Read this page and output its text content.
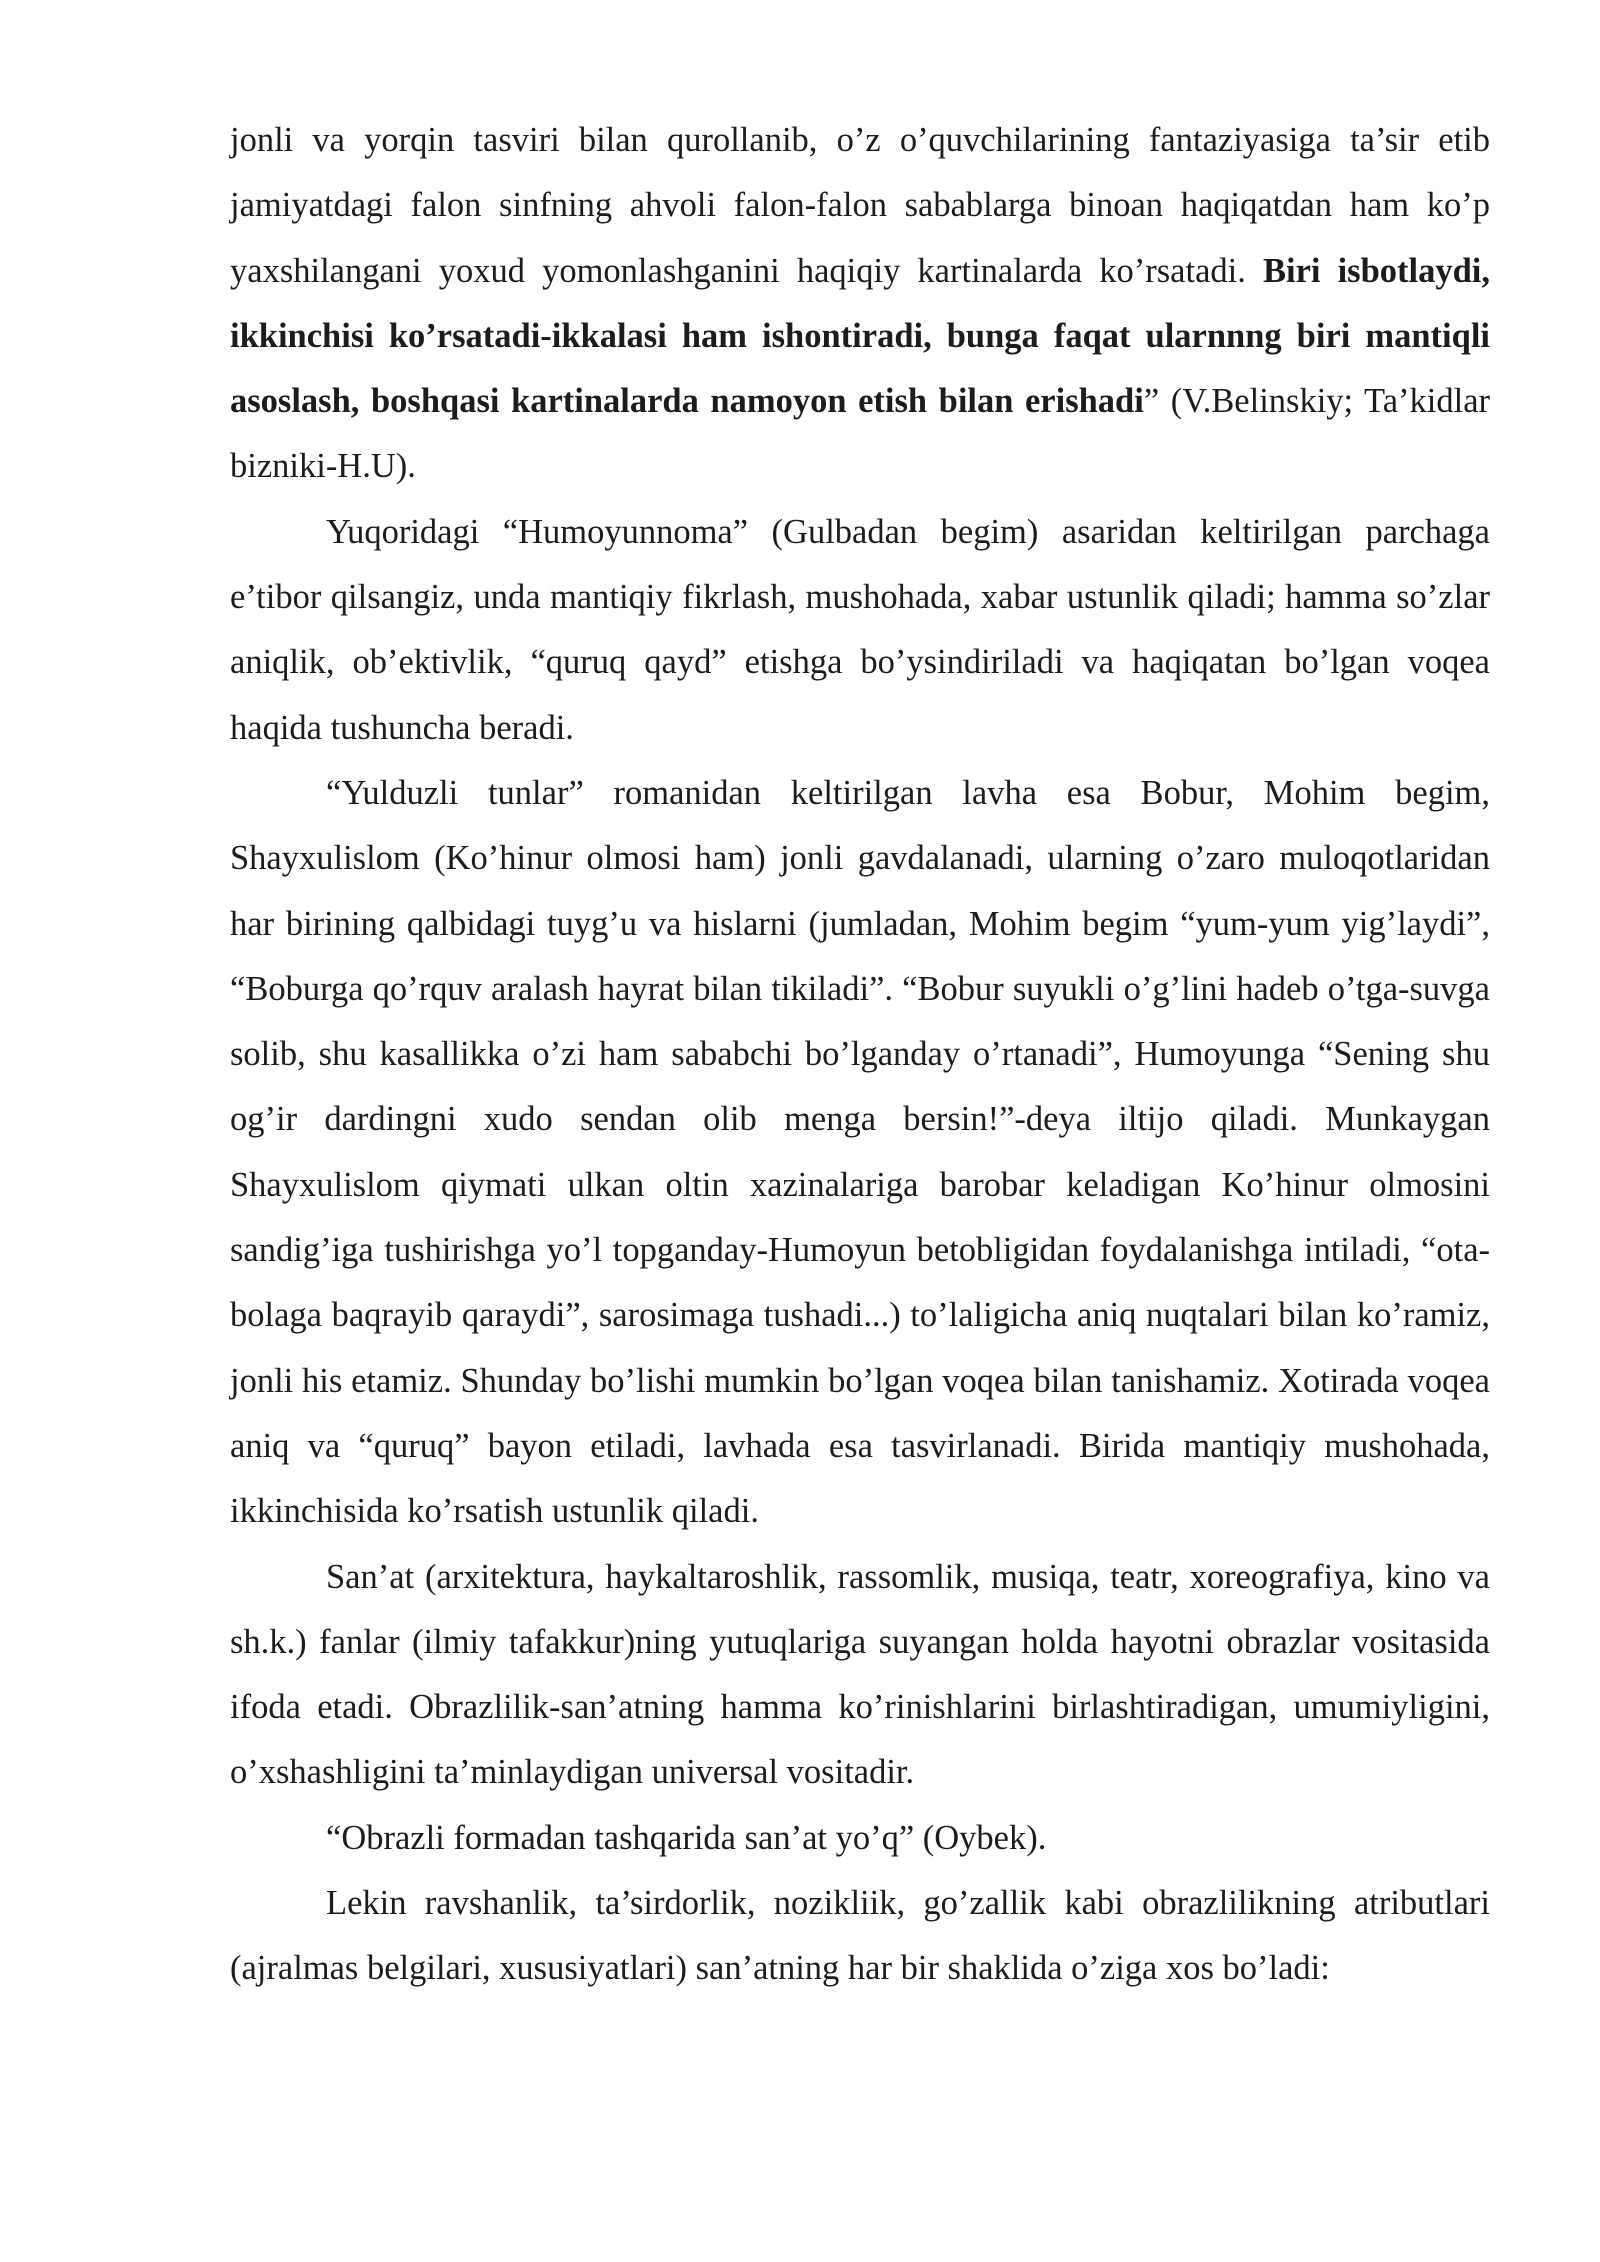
jonli va yorqin tasviri bilan qurollanib, o’z o’quvchilarining fantaziyasiga ta’sir etib jamiyatdagi falon sinfning ahvoli falon-falon sabablarga binoan haqiqatdan ham ko’p yaxshilangani yoxud yomonlashganini haqiqiy kartinalarda ko’rsatadi. Biri isbotlaydi, ikkinchisi ko’rsatadi-ikkalasi ham ishontiradi, bunga faqat ularnnng biri mantiqli asoslash, boshqasi kartinalarda namoyon etish bilan erishadi” (V.Belinskiy; Ta’kidlar bizniki-H.U).

Yuqoridagi “Humoyunnoma” (Gulbadan begim) asaridan keltirilgan parchaga e’tibor qilsangiz, unda mantiqiy fikrlash, mushohada, xabar ustunlik qiladi; hamma so’zlar aniqlik, ob’ektivlik, “quruq qayd” etishga bo’ysindiriladi va haqiqatan bo’lgan voqea haqida tushuncha beradi.

“Yulduzli tunlar” romanidan keltirilgan lavha esa Bobur, Mohim begim, Shayxulislom (Ko’hinur olmosi ham) jonli gavdalanadi, ularning o’zaro muloqotlaridan har birining qalbidagi tuyg’u va hislarni (jumladan, Mohim begim “yum-yum yig’laydi”, “Boburga qo’rquv aralash hayrat bilan tikiladi”. “Bobur suyukli o’g’lini hadeb o’tga-suvga solib, shu kasallikka o’zi ham sababchi bo’lganday o’rtanadi”, Humoyunga “Sening shu og’ir dardingni xudo sendan olib menga bersin!”-deya iltijo qiladi. Munkaygan Shayxulislom qiymati ulkan oltin xazinalariga barobar keladigan Ko’hinur olmosini sandig’iga tushirishga yo’l topganday-Humoyun betobligidan foydalanishga intiladi, “ota-bolaga baqrayib qaraydi”, sarosimaga tushadi...) to’laligicha aniq nuqtalari bilan ko’ramiz, jonli his etamiz. Shunday bo’lishi mumkin bo’lgan voqea bilan tanishamiz. Xotirada voqea aniq va “quruq” bayon etiladi, lavhada esa tasvirlanadi. Birida mantiqiy mushohada, ikkinchisida ko’rsatish ustunlik qiladi.

San’at (arxitektura, haykaltaroshlik, rassomlik, musiqa, teatr, xoreografiya, kino va sh.k.) fanlar (ilmiy tafakkur)ning yutuqlariga suyangan holda hayotni obrazlar vositasida ifoda etadi. Obrazlilik-san’atning hamma ko’rinishlarini birlashtiradigan, umumiyligini, o’xshashligini ta’minlaydigan universal vositadir.

“Obrazli formadan tashqarida san’at yo’q” (Oybek).

Lekin ravshanlik, ta’sirdorlik, nozikliik, go’zallik kabi obrazlilikning atributlari (ajralmas belgilari, xususiyatlari) san’atning har bir shaklida o’ziga xos bo’ladi:
